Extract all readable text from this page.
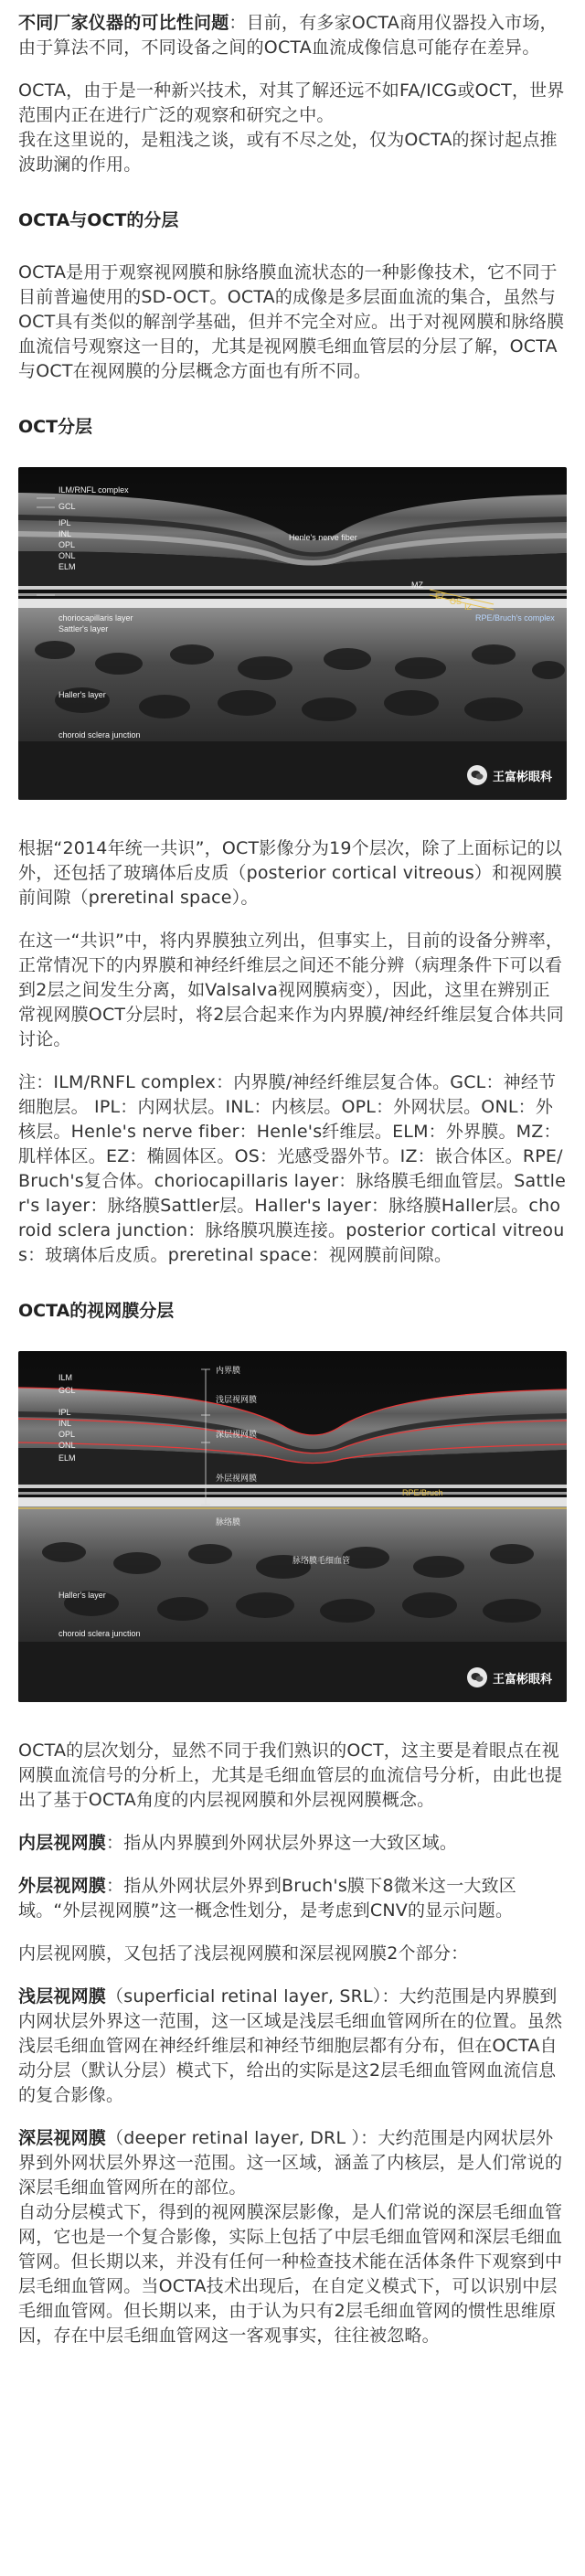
不同厂家仪器的可比性问题：目前，有多家OCTA商用仪器投入市场，由于算法不同，不同设备之间的OCTA血流成像信息可能存在差异。

OCTA，由于是一种新兴技术，对其了解还远不如FA/ICG或OCT，世界范围内正在进行广泛的观察和研究之中。

我在这里说的，是粗浅之谈，或有不尽之处，仅为OCTA的探讨起点推波助澜的作用。

OCTA与OCT的分层

OCTA是用于观察视网膜和脉络膜血流状态的一种影像技术，它不同于目前普遍使用的SD-OCT。OCTA的成像是多层面血流的集合，虽然与OCT具有类似的解剖学基础，但并不完全对应。出于对视网膜和脉络膜血流信号观察这一目的，尤其是视网膜毛细血管层的分层了解，OCTA与OCT在视网膜的分层概念方面也有所不同。

OCT分层
ILM/RNFL complex
GCL
IPL
INL
OPL
ONL
ELM
Henle's nerve fiber
MZ
EZ
OS
IZ
RPE/Bruch's complex
choriocapillaris layer
Sattler's layer
Haller's layer
choroid sclera junction
王富彬眼科

根据“2014年统一共识”，OCT影像分为19个层次，除了上面标记的以外，还包括了玻璃体后皮质（posterior cortical vitreous）和视网膜前间隙（preretinal space）。

在这一“共识”中，将内界膜独立列出，但事实上，目前的设备分辨率，正常情况下的内界膜和神经纤维层之间还不能分辨（病理条件下可以看到2层之间发生分离，如Valsalva视网膜病变），因此，这里在辨别正常视网膜OCT分层时，将2层合起来作为内界膜/神经纤维层复合体共同讨论。

注：ILM/RNFL complex：内界膜/神经纤维层复合体。GCL：神经节细胞层。 IPL：内网状层。INL：内核层。OPL：外网状层。ONL：外核层。Henle's nerve fiber：Henle's纤维层。ELM：外界膜。MZ：肌样体区。EZ：椭圆体区。OS：光感受器外节。IZ：嵌合体区。RPE/Bruch's复合体。choriocapillaris layer：脉络膜毛细血管层。Sattler's layer：脉络膜Sattler层。Haller's layer：脉络膜Haller层。choroid sclera junction：脉络膜巩膜连接。posterior cortical vitreous：玻璃体后皮质。preretinal space：视网膜前间隙。

OCTA的视网膜分层
ILM
GCL
IPL
INL
OPL
ONL
ELM
内界膜
浅层视网膜
深层视网膜
外层视网膜
RPE/Bruch
脉络膜
Haller's layer
choroid sclera junction
脉络膜毛细血管
王富彬眼科

OCTA的层次划分，显然不同于我们熟识的OCT，这主要是着眼点在视网膜血流信号的分析上，尤其是毛细血管层的血流信号分析，由此也提出了基于OCTA角度的内层视网膜和外层视网膜概念。

内层视网膜：指从内界膜到外网状层外界这一大致区域。

外层视网膜：指从外网状层外界到Bruch's膜下8微米这一大致区域。“外层视网膜”这一概念性划分，是考虑到CNV的显示问题。

内层视网膜，又包括了浅层视网膜和深层视网膜2个部分：

浅层视网膜（superficial retinal layer, SRL）：大约范围是内界膜到内网状层外界这一范围，这一区域是浅层毛细血管网所在的位置。虽然浅层毛细血管网在神经纤维层和神经节细胞层都有分布，但在OCTA自动分层（默认分层）模式下，给出的实际是这2层毛细血管网血流信息的复合影像。

深层视网膜（deeper retinal layer, DRL ）：大约范围是内网状层外界到外网状层外界这一范围。这一区域，涵盖了内核层，是人们常说的深层毛细血管网所在的部位。

自动分层模式下，得到的视网膜深层影像，是人们常说的深层毛细血管网，它也是一个复合影像，实际上包括了中层毛细血管网和深层毛细血管网。但长期以来，并没有任何一种检查技术能在活体条件下观察到中层毛细血管网。当OCTA技术出现后，在自定义模式下，可以识别中层毛细血管网。但长期以来，由于认为只有2层毛细血管网的惯性思维原因，存在中层毛细血管网这一客观事实，往往被忽略。
